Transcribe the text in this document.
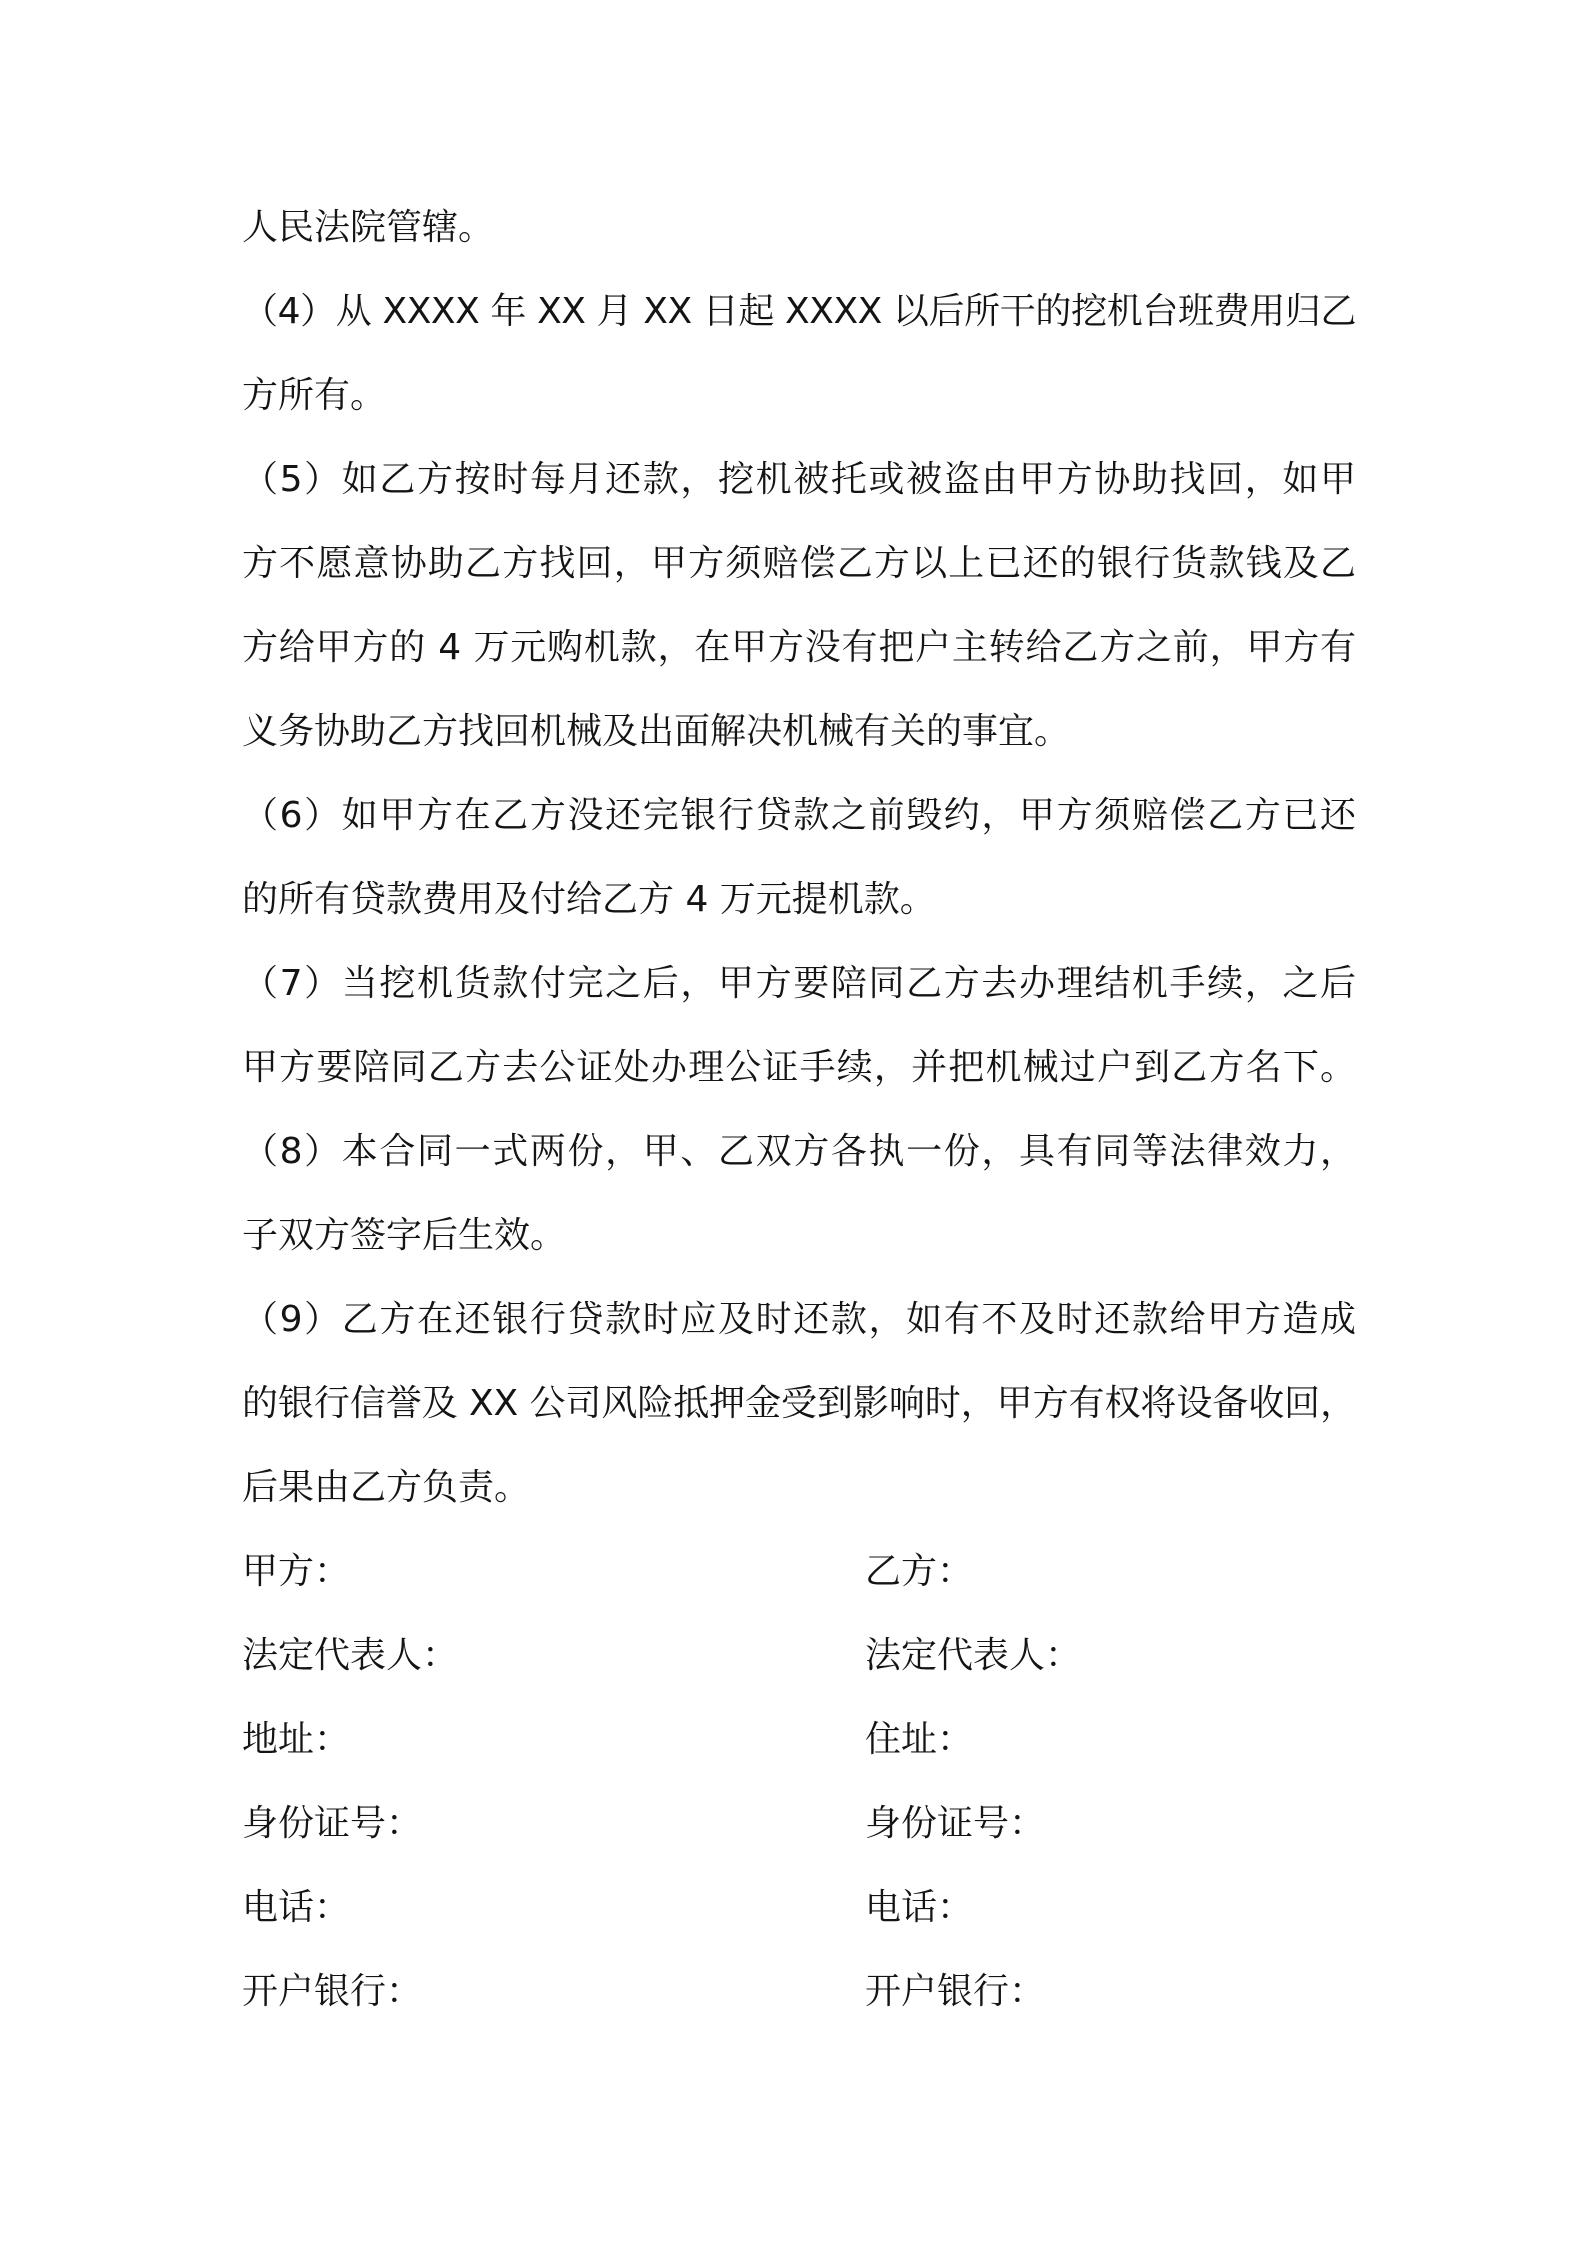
人民法院管辖。
（4）从 XXXX 年 XX 月 XX 日起 XXXX 以后所干的挖机台班费用归乙
方所有。
（5）如乙方按时每月还款，挖机被托或被盗由甲方协助找回，如甲
方不愿意协助乙方找回，甲方须赔偿乙方以上已还的银行货款钱及乙
方给甲方的 4 万元购机款，在甲方没有把户主转给乙方之前，甲方有
义务协助乙方找回机械及出面解决机械有关的事宜。
（6）如甲方在乙方没还完银行贷款之前毁约，甲方须赔偿乙方已还
的所有贷款费用及付给乙方 4 万元提机款。
（7）当挖机货款付完之后，甲方要陪同乙方去办理结机手续，之后
甲方要陪同乙方去公证处办理公证手续，并把机械过户到乙方名下。
（8）本合同一式两份，甲、乙双方各执一份，具有同等法律效力，
子双方签字后生效。
（9）乙方在还银行贷款时应及时还款，如有不及时还款给甲方造成
的银行信誉及 XX 公司风险抵押金受到影响时，甲方有权将设备收回，
后果由乙方负责。
甲方：	乙方：
法定代表人：	法定代表人：
地址：	住址：
身份证号：	身份证号：
电话：	电话：
开户银行：	开户银行：
